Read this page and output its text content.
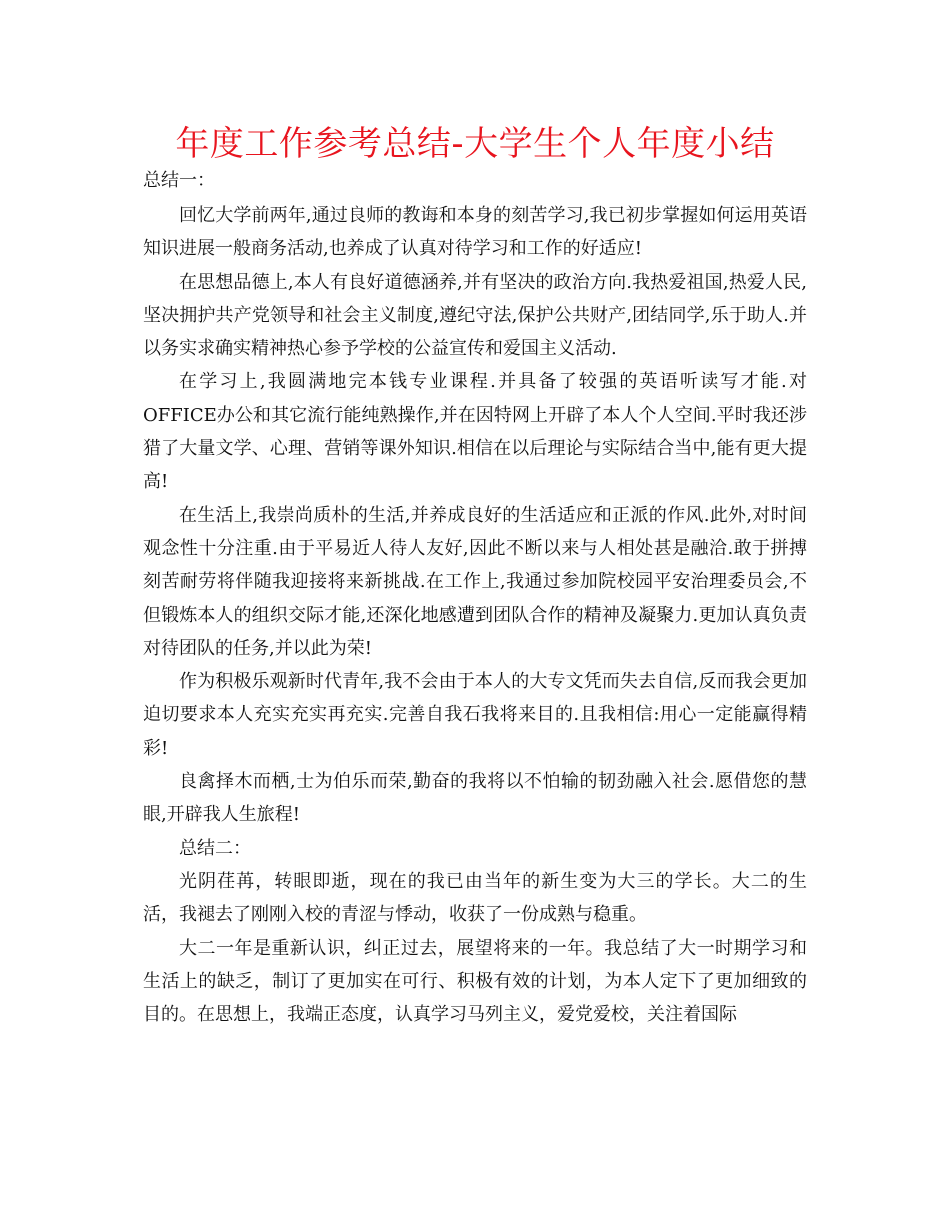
年度工作参考总结-大学生个人年度小结

总结一：

回忆大学前两年,通过良师的教诲和本身的刻苦学习,我已初步掌握如何运用英语知识进展一般商务活动,也养成了认真对待学习和工作的好适应!

在思想品德上,本人有良好道德涵养,并有坚决的政治方向.我热爱祖国,热爱人民,坚决拥护共产党领导和社会主义制度,遵纪守法,保护公共财产,团结同学,乐于助人.并以务实求确实精神热心参予学校的公益宣传和爱国主义活动.

在学习上,我圆满地完本钱专业课程.并具备了较强的英语听读写才能.对OFFICE办公和其它流行能纯熟操作,并在因特网上开辟了本人个人空间.平时我还涉猎了大量文学、心理、营销等课外知识.相信在以后理论与实际结合当中,能有更大提高!

在生活上,我崇尚质朴的生活,并养成良好的生活适应和正派的作风.此外,对时间观念性十分注重.由于平易近人待人友好,因此不断以来与人相处甚是融洽.敢于拼搏刻苦耐劳将伴随我迎接将来新挑战.在工作上,我通过参加院校园平安治理委员会,不但锻炼本人的组织交际才能,还深化地感遭到团队合作的精神及凝聚力.更加认真负责对待团队的任务,并以此为荣!

作为积极乐观新时代青年,我不会由于本人的大专文凭而失去自信,反而我会更加迫切要求本人充实充实再充实.完善自我石我将来目的.且我相信:用心一定能赢得精彩!

良禽择木而栖,士为伯乐而荣,勤奋的我将以不怕输的韧劲融入社会.愿借您的慧眼,开辟我人生旅程!

总结二：

光阴荏苒，转眼即逝，现在的我已由当年的新生变为大三的学长。大二的生活，我褪去了刚刚入校的青涩与悸动，收获了一份成熟与稳重。

大二一年是重新认识，纠正过去，展望将来的一年。我总结了大一时期学习和生活上的缺乏，制订了更加实在可行、积极有效的计划，为本人定下了更加细致的目的。在思想上，我端正态度，认真学习马列主义，爱党爱校，关注着国际
